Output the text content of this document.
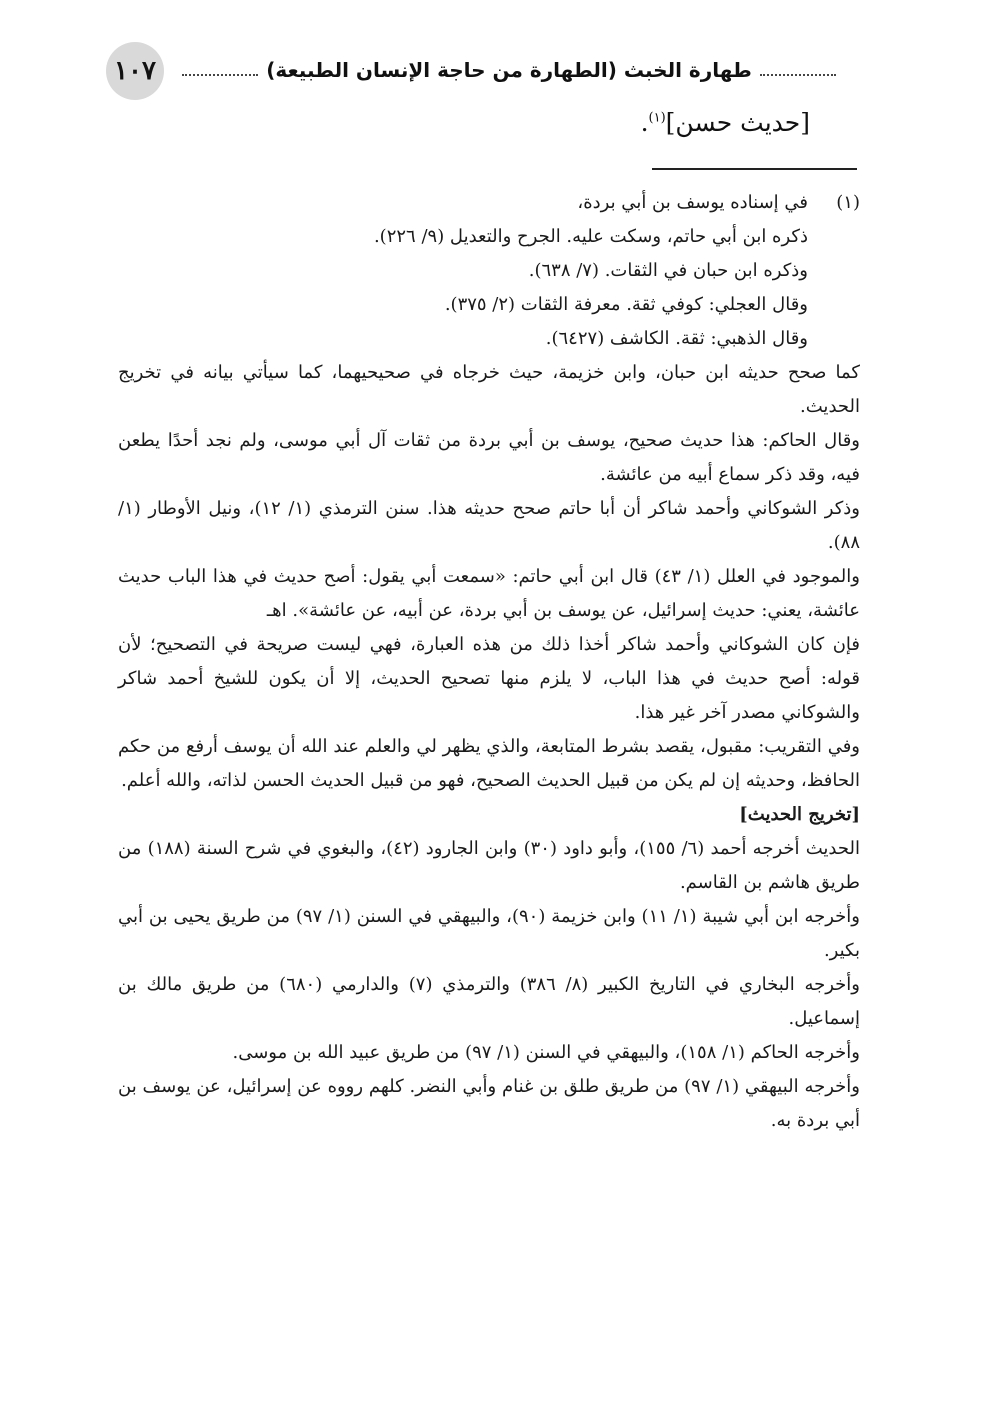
١٠٧	طهارة الخبث (الطهارة من حاجة الإنسان الطبيعة)
[حديث حسن]$^{(١)}$.
(١)

في إسناده يوسف بن أبي بردة،

ذكره ابن أبي حاتم، وسكت عليه. الجرح والتعديل (٩/ ٢٢٦).

وذكره ابن حبان في الثقات. (٧/ ٦٣٨).

وقال العجلي: كوفي ثقة. معرفة الثقات (٢/ ٣٧٥).

وقال الذهبي: ثقة. الكاشف (٦٤٢٧).

كما صحح حديثه ابن حبان، وابن خزيمة، حيث خرجاه في صحيحيهما، كما سيأتي بيانه في تخريج الحديث.

وقال الحاكم: هذا حديث صحيح، يوسف بن أبي بردة من ثقات آل أبي موسى، ولم نجد أحدًا يطعن فيه، وقد ذكر سماع أبيه من عائشة.

وذكر الشوكاني وأحمد شاكر أن أبا حاتم صحح حديثه هذا. سنن الترمذي (١/ ١٢)، ونيل الأوطار (١/ ٨٨).

والموجود في العلل (١/ ٤٣) قال ابن أبي حاتم: «سمعت أبي يقول: أصح حديث في هذا الباب حديث عائشة، يعني: حديث إسرائيل، عن يوسف بن أبي بردة، عن أبيه، عن عائشة». اهـ

فإن كان الشوكاني وأحمد شاكر أخذا ذلك من هذه العبارة، فهي ليست صريحة في التصحيح؛ لأن قوله: أصح حديث في هذا الباب، لا يلزم منها تصحيح الحديث، إلا أن يكون للشيخ أحمد شاكر والشوكاني مصدر آخر غير هذا.

وفي التقريب: مقبول، يقصد بشرط المتابعة، والذي يظهر لي والعلم عند الله أن يوسف أرفع من حكم الحافظ، وحديثه إن لم يكن من قبيل الحديث الصحيح، فهو من قبيل الحديث الحسن لذاته، والله أعلم.

[تخريج الحديث]

الحديث أخرجه أحمد (٦/ ١٥٥)، وأبو داود (٣٠) وابن الجارود (٤٢)، والبغوي في شرح السنة (١٨٨) من طريق هاشم بن القاسم.

وأخرجه ابن أبي شيبة (١/ ١١) وابن خزيمة (٩٠)، والبيهقي في السنن (١/ ٩٧) من طريق يحيى بن أبي بكير.

وأخرجه البخاري في التاريخ الكبير (٨/ ٣٨٦) والترمذي (٧) والدارمي (٦٨٠) من طريق مالك بن إسماعيل.

وأخرجه الحاكم (١/ ١٥٨)، والبيهقي في السنن (١/ ٩٧) من طريق عبيد الله بن موسى.

وأخرجه البيهقي (١/ ٩٧) من طريق طلق بن غنام وأبي النضر. كلهم رووه عن إسرائيل، عن يوسف بن أبي بردة به.
